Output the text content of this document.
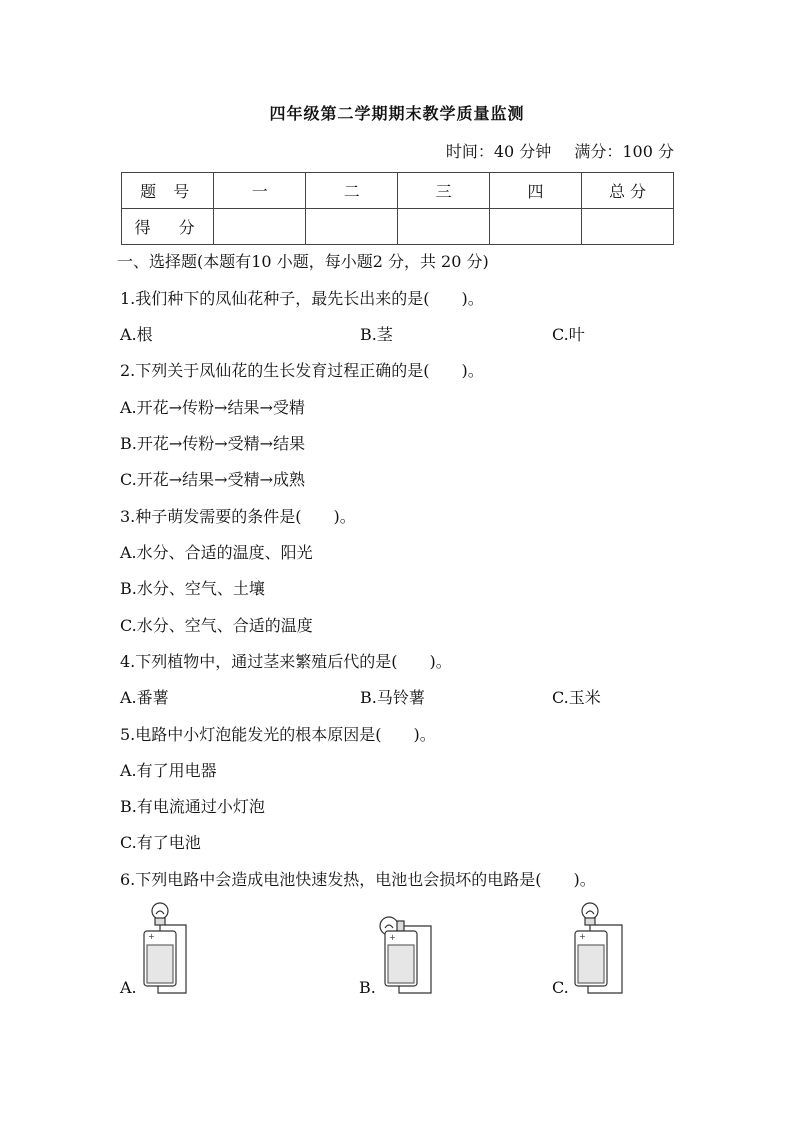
四年级第二学期期末教学质量监测
时间：40 分钟 满分：100 分
题 号	一	二	三	四	总 分
得　分					
一、选择题(本题有10 小题，每小题2 分，共 20 分)
1.我们种下的凤仙花种子，最先长出来的是(　　)。
A.根	B.茎	C.叶
2.下列关于凤仙花的生长发育过程正确的是(　　)。
A.开花→传粉→结果→受精
B.开花→传粉→受精→结果
C.开花→结果→受精→成熟
3.种子萌发需要的条件是(　　)。
A.水分、合适的温度、阳光
B.水分、空气、土壤
C.水分、空气、合适的温度
4.下列植物中，通过茎来繁殖后代的是(　　)。
A.番薯	B.马铃薯	C.玉米
5.电路中小灯泡能发光的根本原因是(　　)。
A.有了用电器
B.有电流通过小灯泡
C.有了电池
6.下列电路中会造成电池快速发热，电池也会损坏的电路是(　　)。
+
A.
+
B.
+
C.
